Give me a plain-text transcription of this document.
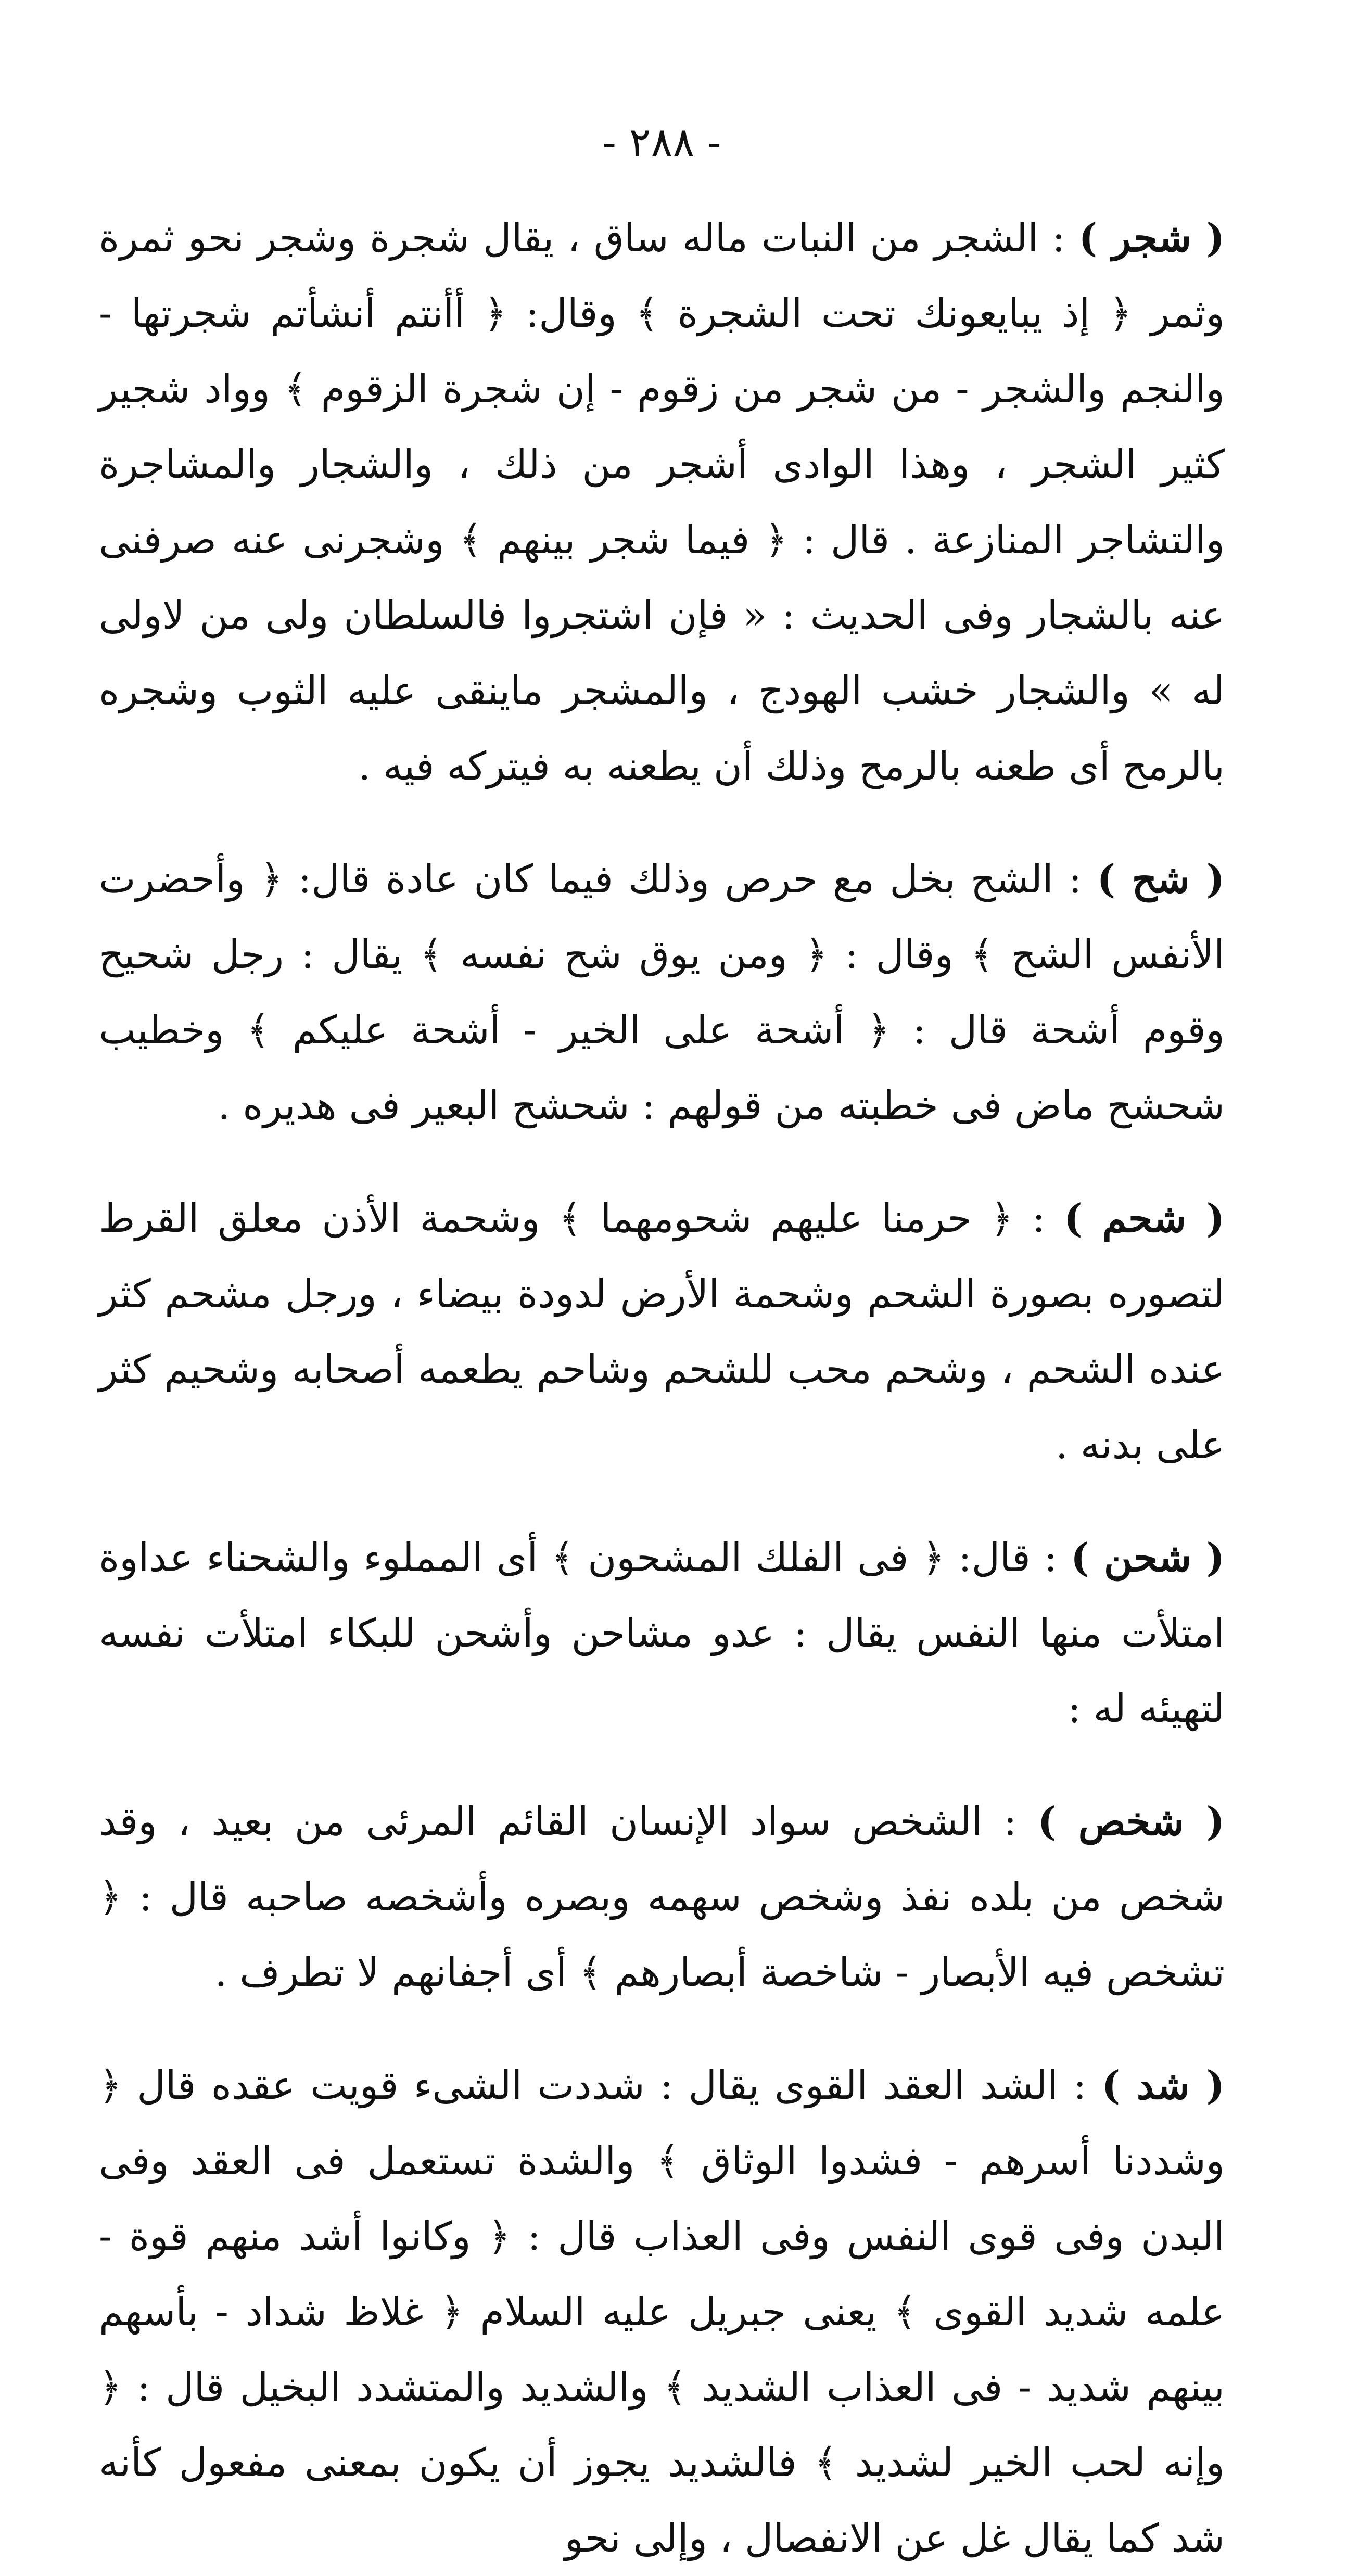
- ٢٨٨ -

( شجر ) : الشجر من النبات ماله ساق ، يقال شجرة وشجر نحو ثمرة وثمر ﴿ إذ يبايعونك تحت الشجرة ﴾ وقال: ﴿ أأنتم أنشأتم شجرتها - والنجم والشجر - من شجر من زقوم - إن شجرة الزقوم ﴾ وواد شجير كثير الشجر ، وهذا الوادى أشجر من ذلك ، والشجار والمشاجرة والتشاجر المنازعة . قال : ﴿ فيما شجر بينهم ﴾ وشجرنى عنه صرفنى عنه بالشجار وفى الحديث : « فإن اشتجروا فالسلطان ولى من لاولى له » والشجار خشب الهودج ، والمشجر ماينقى عليه الثوب وشجره بالرمح أى طعنه بالرمح وذلك أن يطعنه به فيتركه فيه .

( شح ) : الشح بخل مع حرص وذلك فيما كان عادة قال: ﴿ وأحضرت الأنفس الشح ﴾ وقال : ﴿ ومن يوق شح نفسه ﴾ يقال : رجل شحيح وقوم أشحة قال : ﴿ أشحة على الخير - أشحة عليكم ﴾ وخطيب شحشح ماض فى خطبته من قولهم : شحشح البعير فى هديره .

( شحم ) : ﴿ حرمنا عليهم شحومهما ﴾ وشحمة الأذن معلق القرط لتصوره بصورة الشحم وشحمة الأرض لدودة بيضاء ، ورجل مشحم كثر عنده الشحم ، وشحم محب للشحم وشاحم يطعمه أصحابه وشحيم كثر على بدنه .

( شحن ) : قال: ﴿ فى الفلك المشحون ﴾ أى المملوء والشحناء عداوة امتلأت منها النفس يقال : عدو مشاحن وأشحن للبكاء امتلأت نفسه لتهيئه له :

( شخص ) : الشخص سواد الإنسان القائم المرئى من بعيد ، وقد شخص من بلده نفذ وشخص سهمه وبصره وأشخصه صاحبه قال : ﴿ تشخص فيه الأبصار - شاخصة أبصارهم ﴾ أى أجفانهم لا تطرف .

( شد ) : الشد العقد القوى يقال : شددت الشىء قويت عقده قال ﴿ وشددنا أسرهم - فشدوا الوثاق ﴾ والشدة تستعمل فى العقد وفى البدن وفى قوى النفس وفى العذاب قال : ﴿ وكانوا أشد منهم قوة - علمه شديد القوى ﴾ يعنى جبريل عليه السلام ﴿ غلاظ شداد - بأسهم بينهم شديد - فى العذاب الشديد ﴾ والشديد والمتشدد البخيل قال : ﴿ وإنه لحب الخير لشديد ﴾ فالشديد يجوز أن يكون بمعنى مفعول كأنه شد كما يقال غل عن الانفصال ، وإلى نحو
